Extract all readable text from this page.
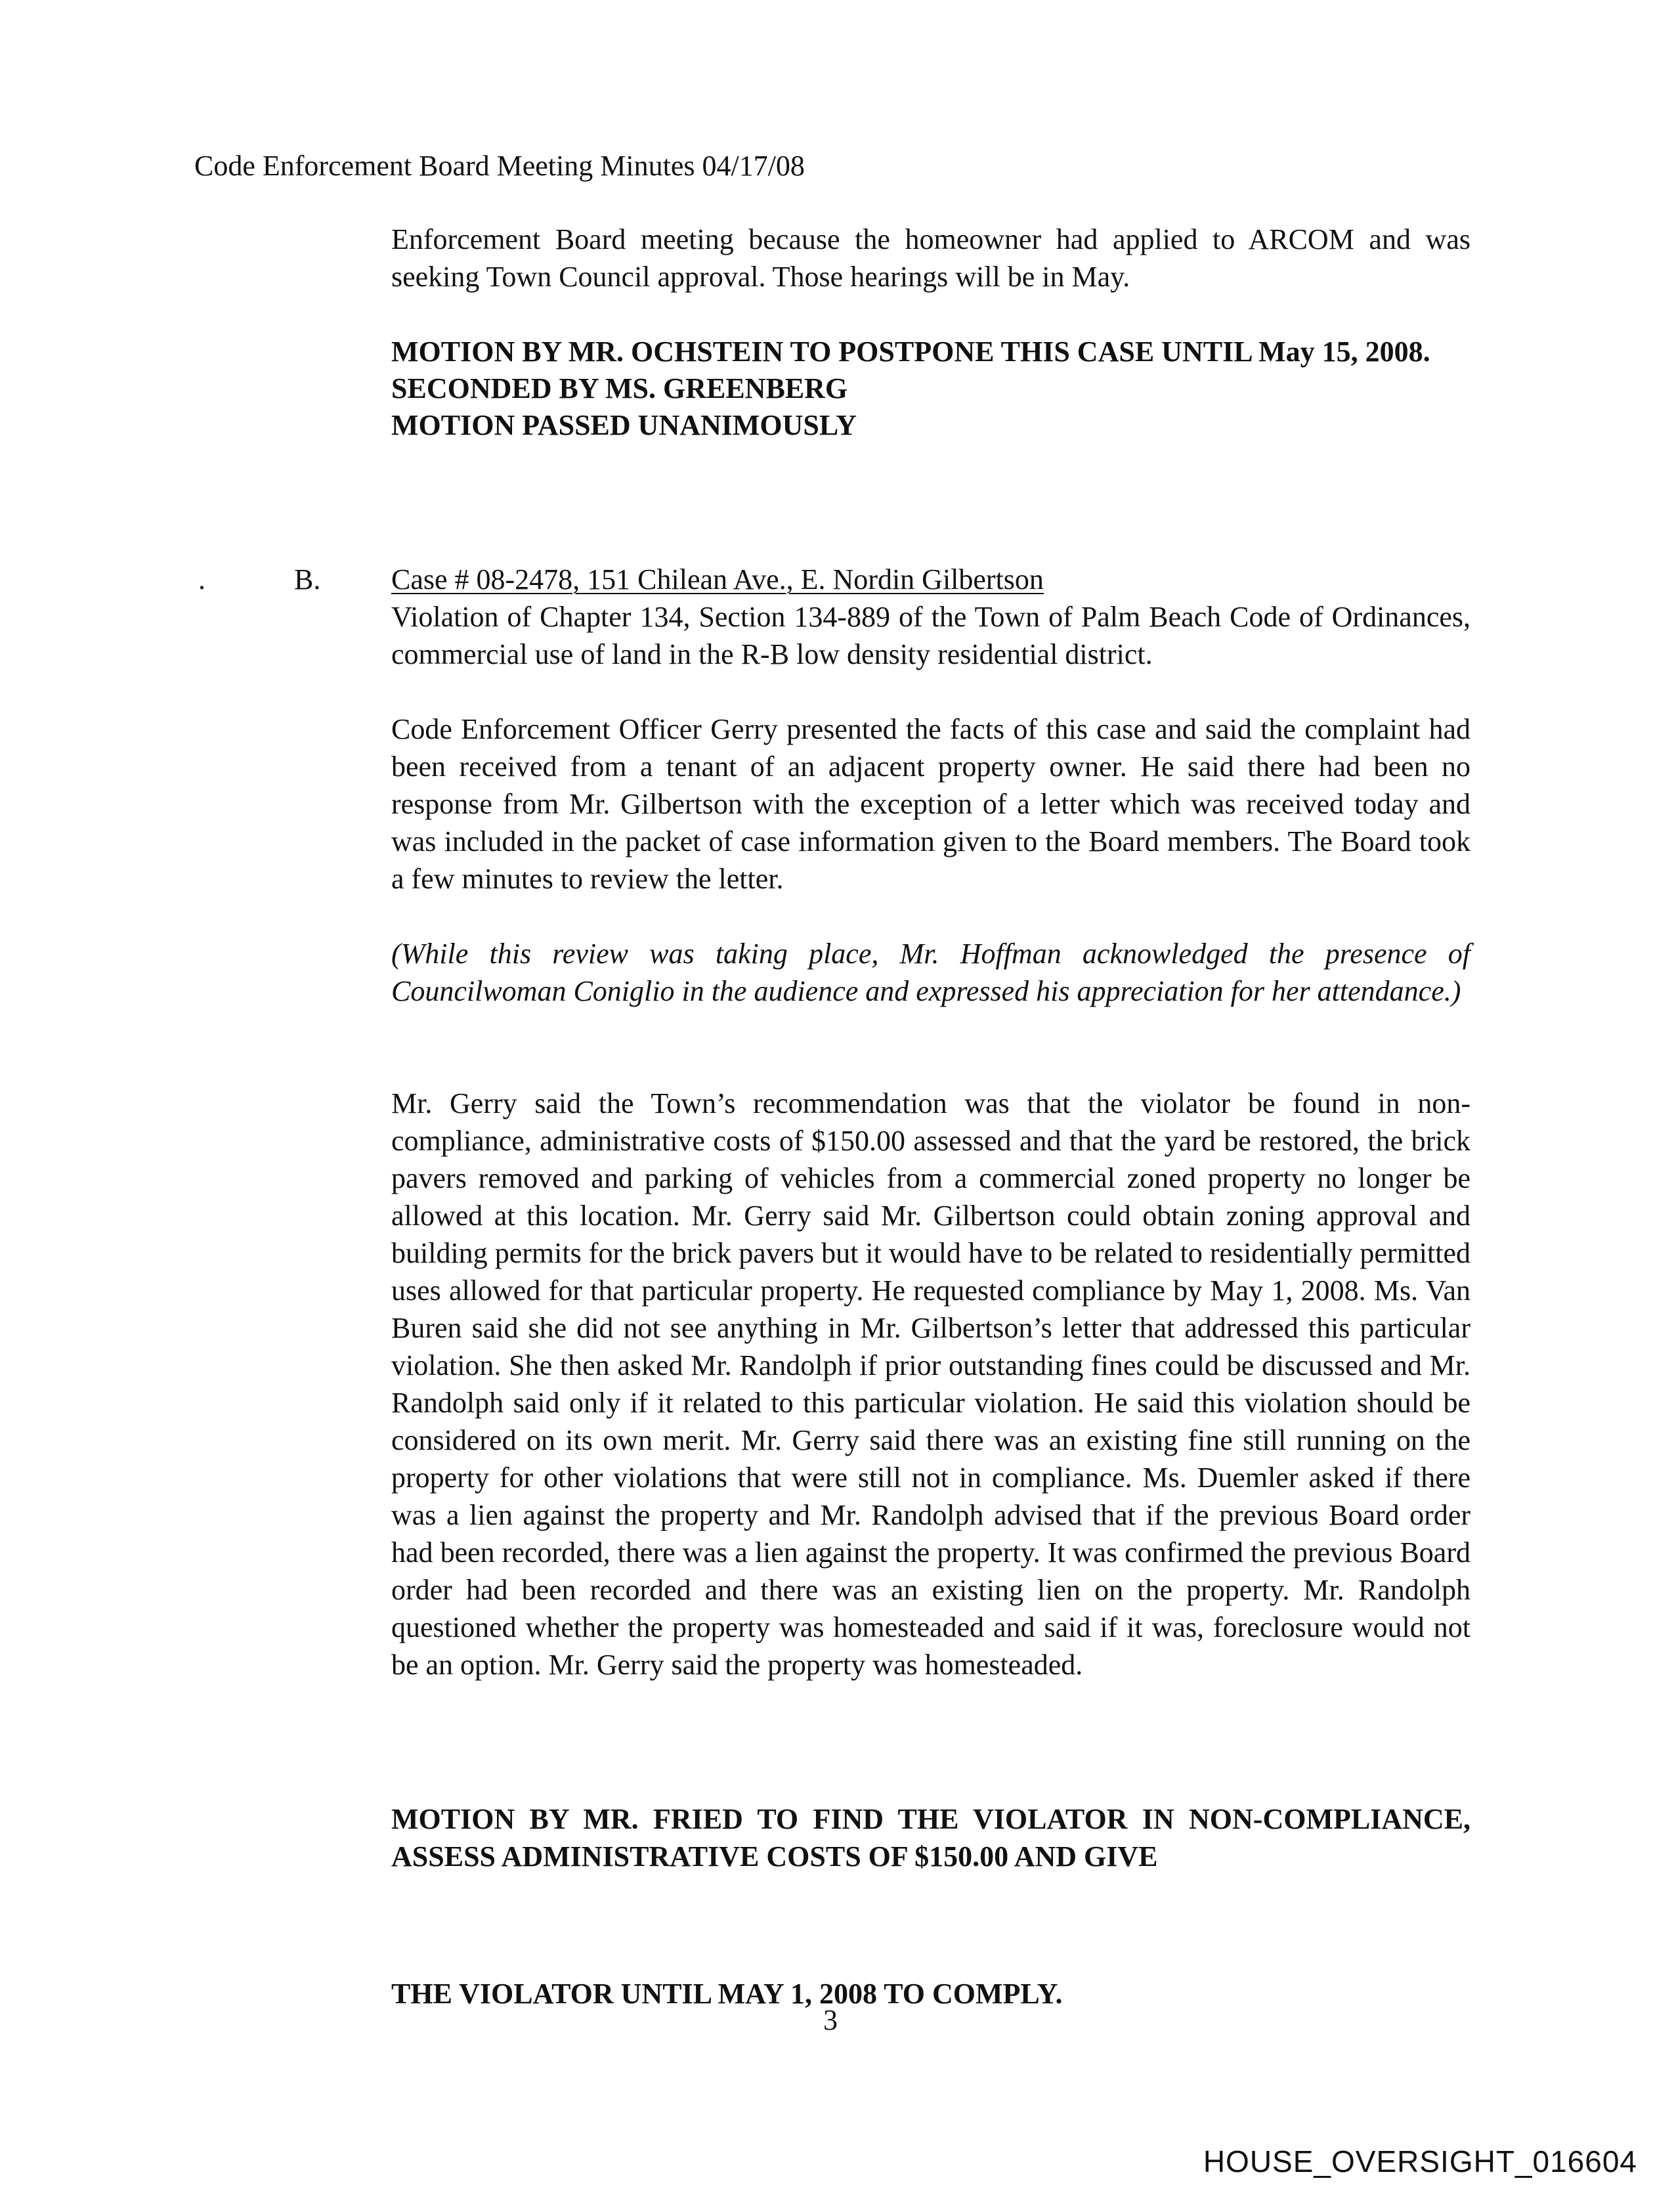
Code Enforcement Board Meeting Minutes 04/17/08
Enforcement Board meeting because the homeowner had applied to ARCOM and was seeking Town Council approval. Those hearings will be in May.
MOTION BY MR. OCHSTEIN TO POSTPONE THIS CASE UNTIL May 15, 2008.
SECONDED BY MS. GREENBERG
MOTION PASSED UNANIMOUSLY
.	B. Case # 08-2478, 151 Chilean Ave., E. Nordin Gilbertson
Violation of Chapter 134, Section 134-889 of the Town of Palm Beach Code of Ordinances, commercial use of land in the R-B low density residential district.
Code Enforcement Officer Gerry presented the facts of this case and said the complaint had been received from a tenant of an adjacent property owner. He said there had been no response from Mr. Gilbertson with the exception of a letter which was received today and was included in the packet of case information given to the Board members. The Board took a few minutes to review the letter.
(While this review was taking place, Mr. Hoffman acknowledged the presence of Councilwoman Coniglio in the audience and expressed his appreciation for her attendance.)
Mr. Gerry said the Town’s recommendation was that the violator be found in non-compliance, administrative costs of $150.00 assessed and that the yard be restored, the brick pavers removed and parking of vehicles from a commercial zoned property no longer be allowed at this location. Mr. Gerry said Mr. Gilbertson could obtain zoning approval and building permits for the brick pavers but it would have to be related to residentially permitted uses allowed for that particular property. He requested compliance by May 1, 2008. Ms. Van Buren said she did not see anything in Mr. Gilbertson’s letter that addressed this particular violation. She then asked Mr. Randolph if prior outstanding fines could be discussed and Mr. Randolph said only if it related to this particular violation. He said this violation should be considered on its own merit. Mr. Gerry said there was an existing fine still running on the property for other violations that were still not in compliance. Ms. Duemler asked if there was a lien against the property and Mr. Randolph advised that if the previous Board order had been recorded, there was a lien against the property. It was confirmed the previous Board order had been recorded and there was an existing lien on the property. Mr. Randolph questioned whether the property was homesteaded and said if it was, foreclosure would not be an option. Mr. Gerry said the property was homesteaded.
MOTION BY MR. FRIED TO FIND THE VIOLATOR IN NON-COMPLIANCE, ASSESS ADMINISTRATIVE COSTS OF $150.00 AND GIVE
THE VIOLATOR UNTIL MAY 1, 2008 TO COMPLY.
3
HOUSE_OVERSIGHT_016604
